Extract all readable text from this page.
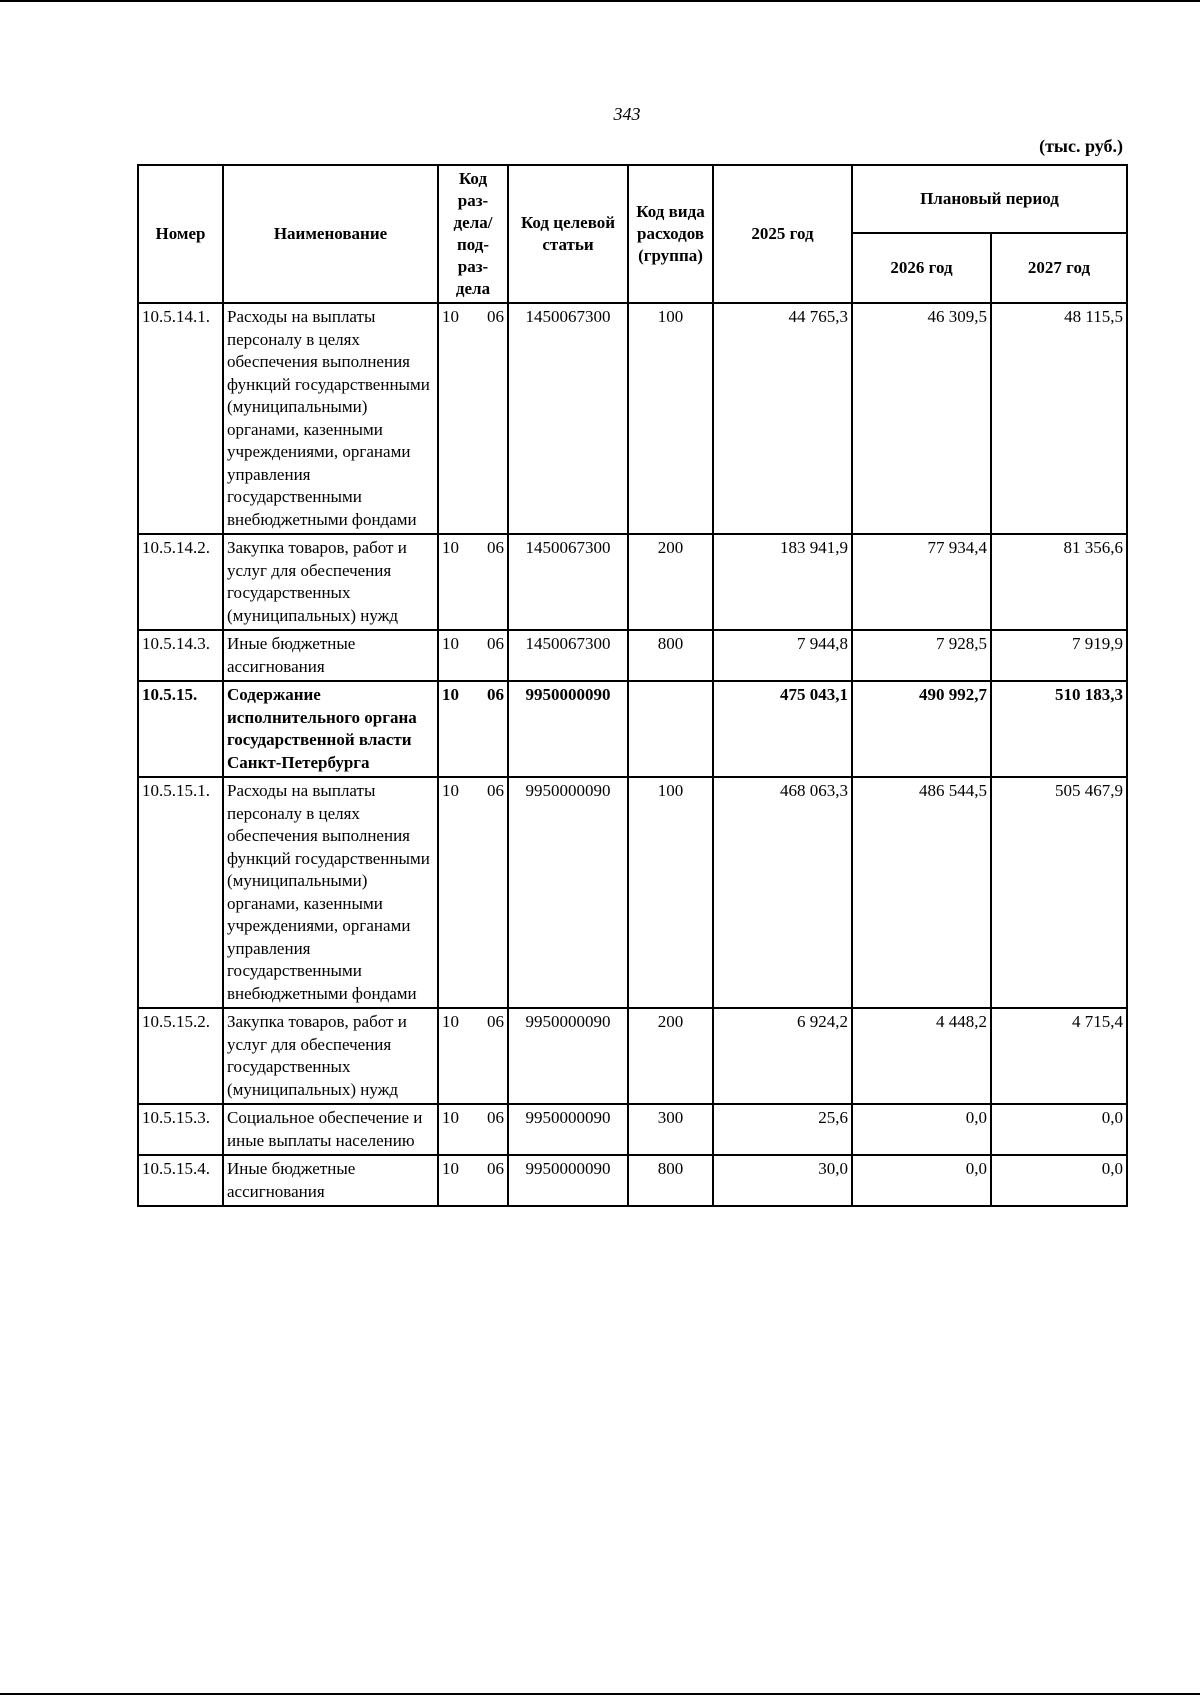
343
(тыс. руб.)
Номер	Наименование	Код раз-дела/ под-раз-дела	Код целевой статьи	Код вида расходов (группа)	2025 год	Плановый период	
						2026 год	2027 год
10.5.14.1.	Расходы на выплаты персоналу в целях обеспечения выполнения функций государственными (муниципальными) органами, казенными учреждениями, органами управления государственными внебюджетными фондами	10 06	1450067300	100	44 765,3	46 309,5	48 115,5
10.5.14.2.	Закупка товаров, работ и услуг для обеспечения государственных (муниципальных) нужд	10 06	1450067300	200	183 941,9	77 934,4	81 356,6
10.5.14.3.	Иные бюджетные ассигнования	10 06	1450067300	800	7 944,8	7 928,5	7 919,9
10.5.15.	Содержание исполнительного органа государственной власти Санкт-Петербурга	10 06	9950000090		475 043,1	490 992,7	510 183,3
10.5.15.1.	Расходы на выплаты персоналу в целях обеспечения выполнения функций государственными (муниципальными) органами, казенными учреждениями, органами управления государственными внебюджетными фондами	10 06	9950000090	100	468 063,3	486 544,5	505 467,9
10.5.15.2.	Закупка товаров, работ и услуг для обеспечения государственных (муниципальных) нужд	10 06	9950000090	200	6 924,2	4 448,2	4 715,4
10.5.15.3.	Социальное обеспечение и иные выплаты населению	10 06	9950000090	300	25,6	0,0	0,0
10.5.15.4.	Иные бюджетные ассигнования	10 06	9950000090	800	30,0	0,0	0,0
